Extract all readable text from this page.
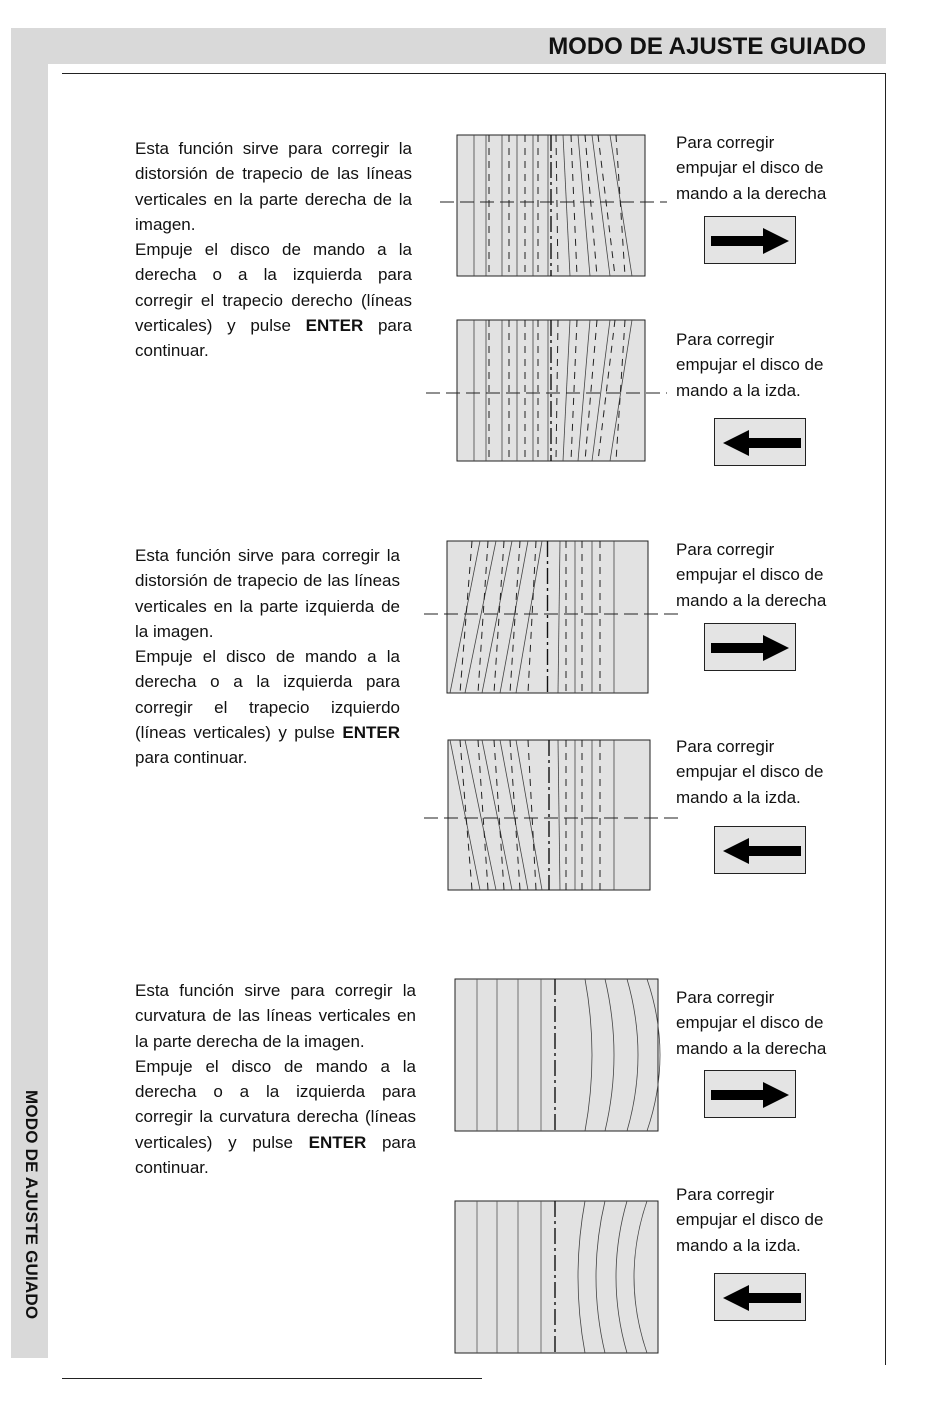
MODO DE AJUSTE GUIADO
MODO DE AJUSTE GUIADO

Esta función sirve para corregir la distorsión de trapecio de las líneas verticales en la parte derecha de la imagen.

Empuje el disco de mando a la derecha o a la izquierda para corregir el trapecio derecho (líneas verticales) y pulse ENTER para continuar.

Esta función sirve para corregir la distorsión de trapecio de las líneas verticales en la parte izquierda de la imagen.

Empuje el disco de mando a la derecha o a la izquierda para corregir el trapecio izquierdo (líneas verticales) y pulse ENTER para continuar.

Esta función sirve para corregir la curvatura de las líneas verticales en la parte derecha de la imagen.

Empuje el disco de mando a la derecha o a la izquierda para corregir la curvatura derecha (líneas verticales) y pulse ENTER para continuar.

Para corregir
empujar el disco de
mando a la derecha
Para corregir
empujar el disco de
mando a la izda.
Para corregir
empujar el disco de
mando a la derecha
Para corregir
empujar el disco de
mando a la izda.
Para corregir
empujar el disco de
mando a la derecha
Para corregir
empujar el disco de
mando a la izda.
